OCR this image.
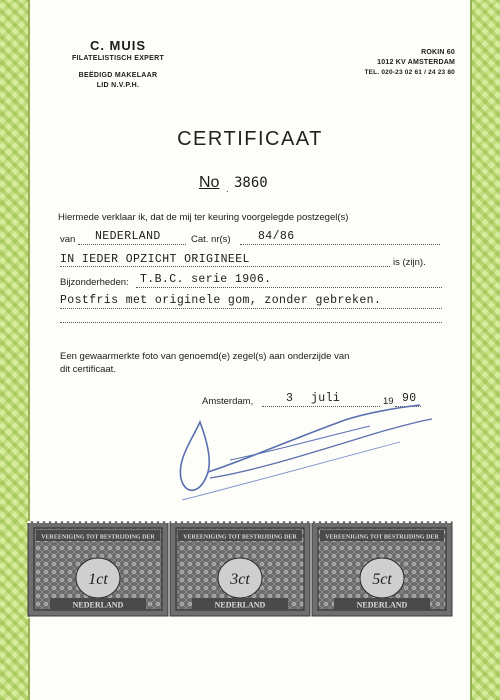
C. MUIS
FILATELISTISCH EXPERT
BEËDIGD MAKELAAR
LID N.V.P.H.
ROKIN 60
1012 KV AMSTERDAM
TEL. 020-23 02 61 / 24 23 80
CERTIFICAAT
No . 3860
Hiermede verklaar ik, dat de mij ter keuring voorgelegde postzegel(s)
van NEDERLAND	Cat. nr(s) 84/86
IN IEDER OPZICHT ORIGINEEL	is (zijn).
Bijzonderheden: T.B.C. serie 1906.
Postfris met originele gom, zonder gebreken.
Een gewaarmerkte foto van genoemd(e) zegel(s) aan onderzijde van
dit certificaat.
Amsterdam,	3 juli	19 90
VEREENIGING TOT BESTRIJDING DER
1ct
NEDERLAND
VEREENIGING TOT BESTRIJDING DER
3ct
NEDERLAND
VEREENIGING TOT BESTRIJDING DER
5ct
NEDERLAND
